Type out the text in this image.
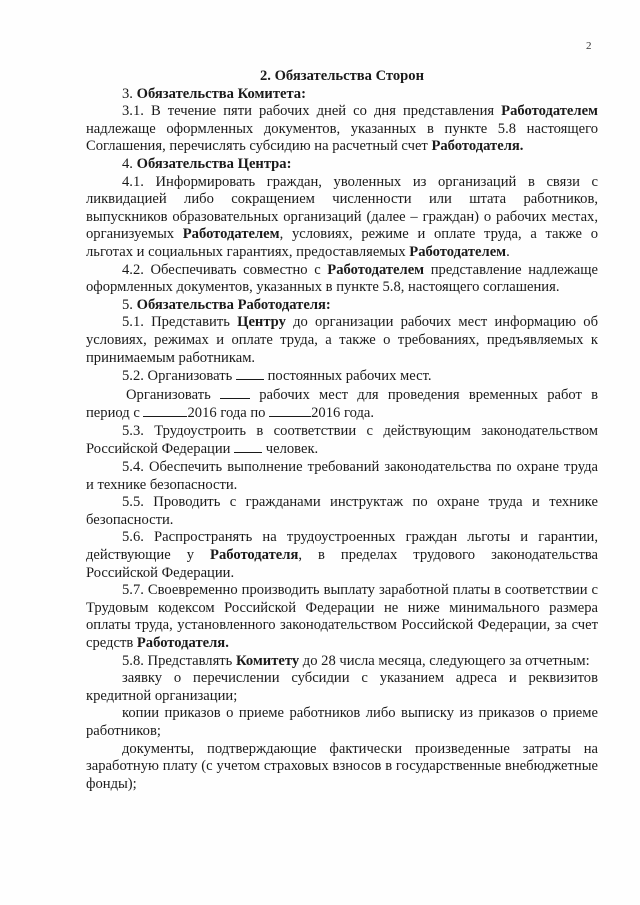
2

2. Обязательства Сторон

3. Обязательства Комитета:

3.1. В течение пяти рабочих дней со дня представления Работодателем надлежаще оформленных документов, указанных в пункте 5.8 настоящего Соглашения, перечислять субсидию на расчетный счет Работодателя.

4. Обязательства Центра:

4.1. Информировать граждан, уволенных из организаций в связи с ликвидацией либо сокращением численности или штата работников, выпускников образовательных организаций (далее – граждан) о рабочих местах, организуемых Работодателем, условиях, режиме и оплате труда, а также о льготах и социальных гарантиях, предоставляемых Работодателем.

4.2. Обеспечивать совместно с Работодателем представление надлежаще оформленных документов, указанных в пункте 5.8, настоящего соглашения.

5. Обязательства Работодателя:

5.1. Представить Центру до организации рабочих мест информацию об условиях, режимах и оплате труда, а также о требованиях, предъявляемых к принимаемым работникам.

5.2. Организовать  постоянных рабочих мест.

Организовать  рабочих мест для проведения временных работ в период с	2016 года по	2016 года.

5.3. Трудоустроить в соответствии с действующим законодательством Российской Федерации  человек.

5.4. Обеспечить выполнение требований законодательства по охране труда и технике безопасности.

5.5. Проводить с гражданами инструктаж по охране труда и технике безопасности.

5.6. Распространять на трудоустроенных граждан льготы и гарантии, действующие у Работодателя, в пределах трудового законодательства Российской Федерации.

5.7. Своевременно производить выплату заработной платы в соответствии с Трудовым кодексом Российской Федерации не ниже минимального размера оплаты труда, установленного законодательством Российской Федерации, за счет средств Работодателя.

5.8. Представлять Комитету до 28 числа месяца, следующего за отчетным:

заявку о перечислении субсидии с указанием адреса и реквизитов кредитной организации;

копии приказов о приеме работников либо выписку из приказов о приеме работников;

документы, подтверждающие фактически произведенные затраты на заработную плату (с учетом страховых взносов в государственные внебюджетные фонды);
